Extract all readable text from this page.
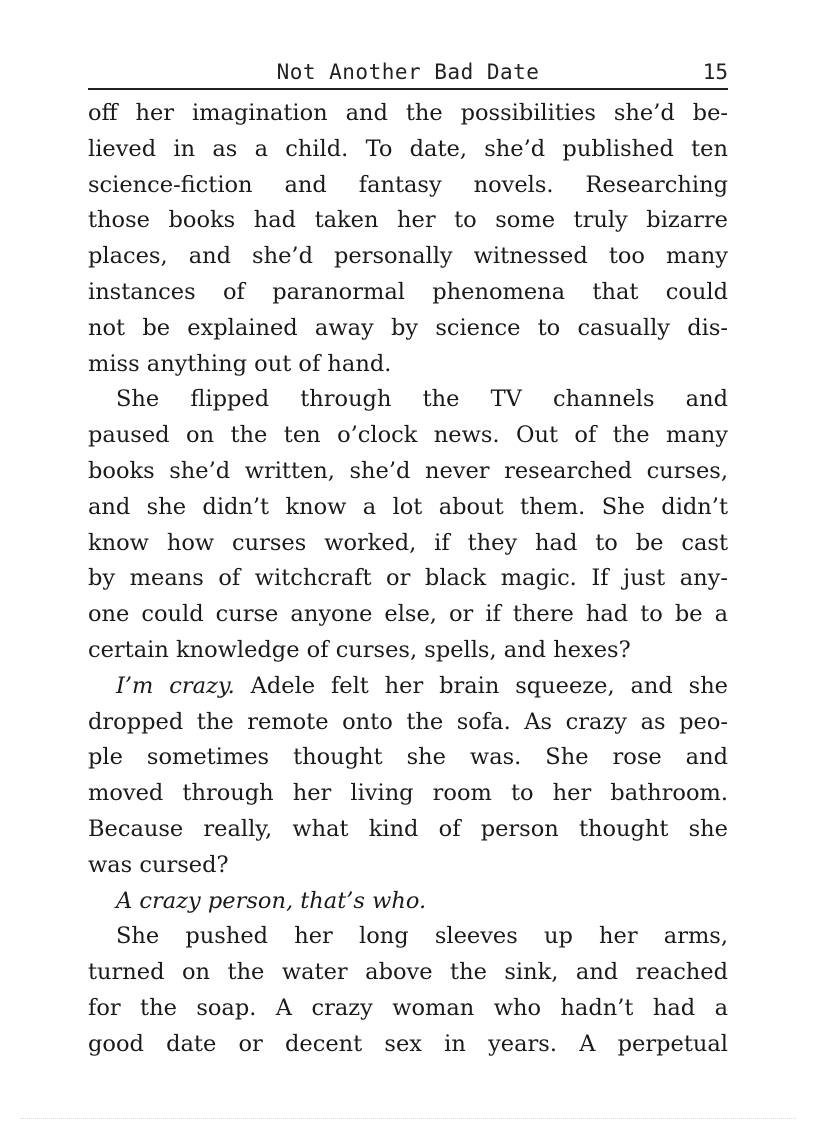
Not Another Bad Date	15
off her imagination and the possibilities she’d be-
lieved in as a child. To date, she’d published ten
science-fiction and fantasy novels. Researching
those books had taken her to some truly bizarre
places, and she’d personally witnessed too many
instances of paranormal phenomena that could
not be explained away by science to casually dis-
miss anything out of hand.
She flipped through the TV channels and
paused on the ten o’clock news. Out of the many
books she’d written, she’d never researched curses,
and she didn’t know a lot about them. She didn’t
know how curses worked, if they had to be cast
by means of witchcraft or black magic. If just any-
one could curse anyone else, or if there had to be a
certain knowledge of curses, spells, and hexes?
I’m crazy. Adele felt her brain squeeze, and she
dropped the remote onto the sofa. As crazy as peo-
ple sometimes thought she was. She rose and
moved through her living room to her bathroom.
Because really, what kind of person thought she
was cursed?
A crazy person, that’s who.
She pushed her long sleeves up her arms,
turned on the water above the sink, and reached
for the soap. A crazy woman who hadn’t had a
good date or decent sex in years. A perpetual
